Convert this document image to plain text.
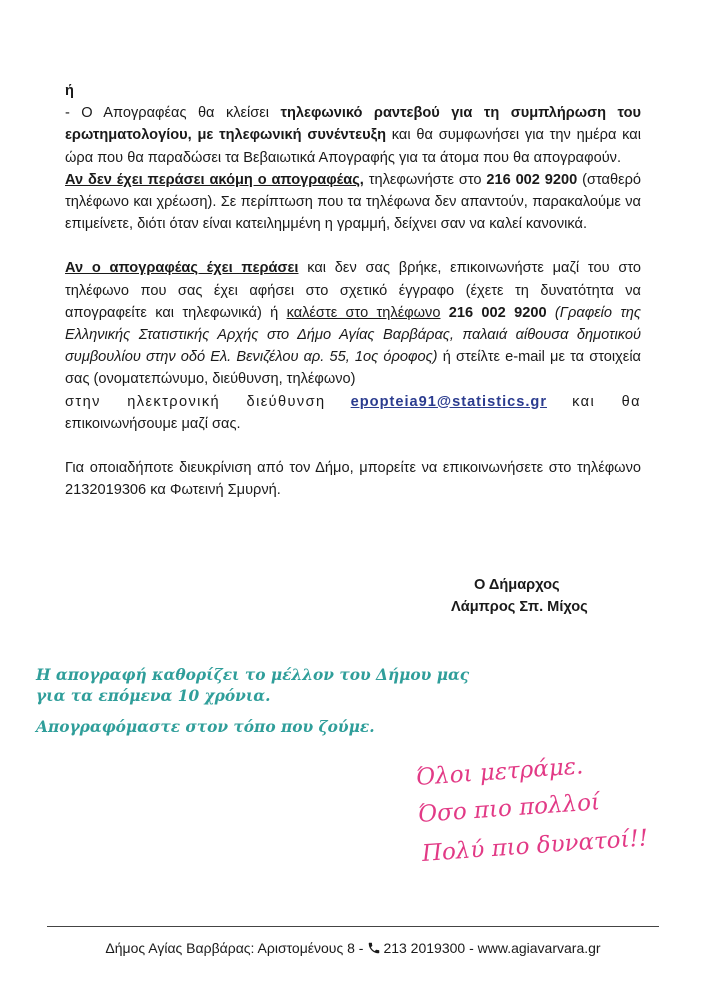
ή

- Ο Απογραφέας θα κλείσει τηλεφωνικό ραντεβού για τη συμπλήρωση του ερωτηματολογίου, με τηλεφωνική συνέντευξη και θα συμφωνήσει για την ημέρα και ώρα που θα παραδώσει τα Βεβαιωτικά Απογραφής για τα άτομα που θα απογραφούν.

Αν δεν έχει περάσει ακόμη ο απογραφέας, τηλεφωνήστε στο 216 002 9200 (σταθερό τηλέφωνο και χρέωση). Σε περίπτωση που τα τηλέφωνα δεν απαντούν, παρακαλούμε να επιμείνετε, διότι όταν είναι κατειλημμένη η γραμμή, δείχνει σαν να καλεί κανονικά.

Αν ο απογραφέας έχει περάσει και δεν σας βρήκε, επικοινωνήστε μαζί του στο τηλέφωνο που σας έχει αφήσει στο σχετικό έγγραφο (έχετε τη δυνατότητα να απογραφείτε και τηλεφωνικά) ή καλέστε στο τηλέφωνο 216 002 9200 (Γραφείο της Ελληνικής Στατιστικής Αρχής στο Δήμο Αγίας Βαρβάρας, παλαιά αίθουσα δημοτικού συμβουλίου στην οδό Ελ. Βενιζέλου αρ. 55, 1ος όροφος) ή στείλτε e-mail με τα στοιχεία σας (ονοματεπώνυμο, διεύθυνση, τηλέφωνο)

στην ηλεκτρονική διεύθυνση epopteia91@statistics.gr και θα

επικοινωνήσουμε μαζί σας.

Για οποιαδήποτε διευκρίνιση από τον Δήμο, μπορείτε να επικοινωνήσετε στο τηλέφωνο 2132019306 κα Φωτεινή Σμυρνή.

Ο Δήμαρχος
Λάμπρος Σπ. Μίχος
Η απογραφή καθορίζει το μέλλον του Δήμου μας
για τα επόμενα 10 χρόνια.
Απογραφόμαστε στον τόπο που ζούμε.
Όλοι μετράμε.
Όσο πιο πολλοί
Πολύ πιο δυνατοί!!
Δήμος Αγίας Βαρβάρας: Αριστομένους 8 - 213 2019300 - www.agiavarvara.gr
